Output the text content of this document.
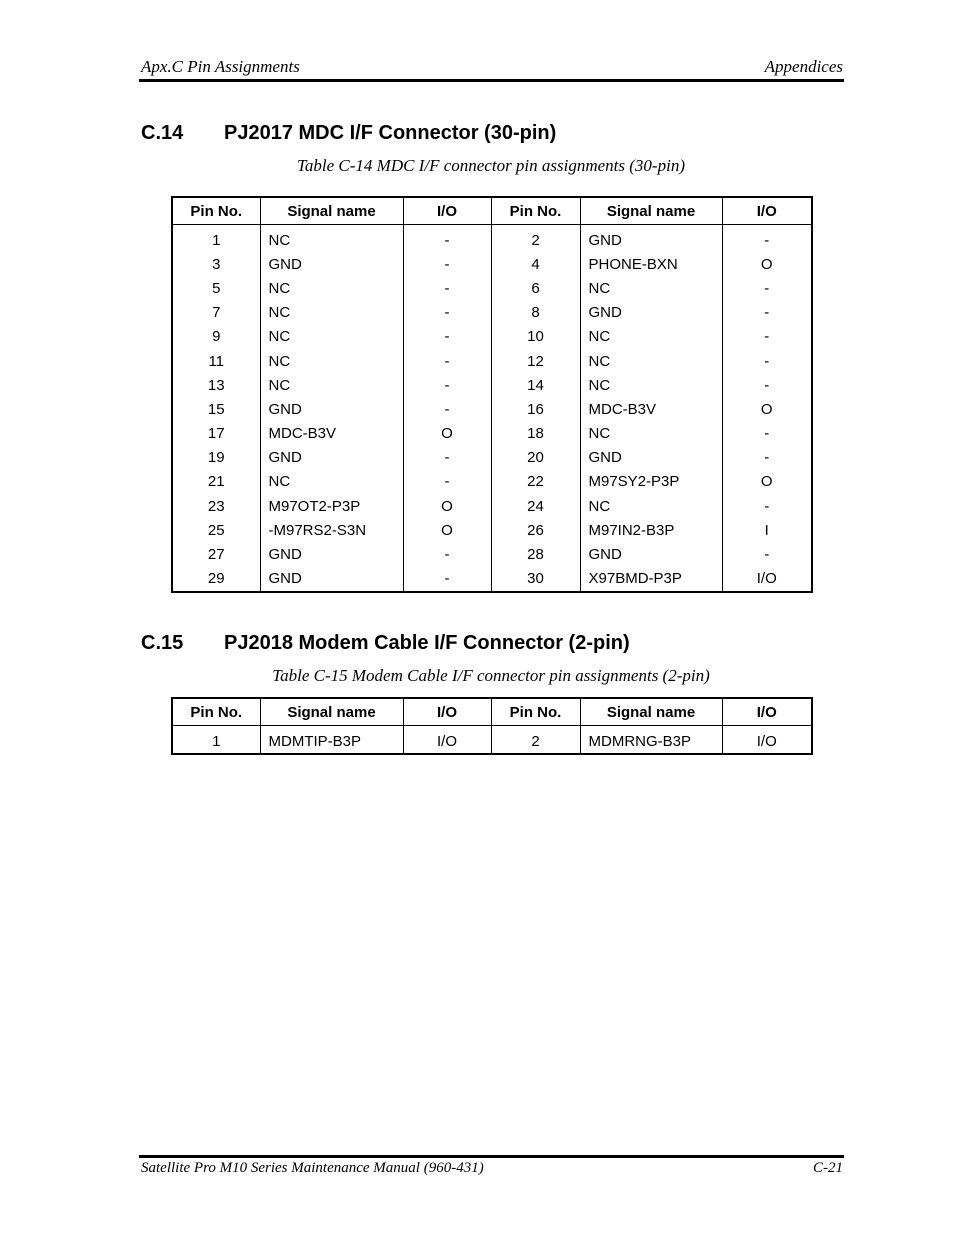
Apx.C Pin Assignments	Appendices
C.14 PJ2017 MDC I/F Connector (30-pin)
Table C-14 MDC I/F connector pin assignments (30-pin)
Pin No.	Signal name	I/O	Pin No.	Signal name	I/O
1	NC	-	2	GND	-
3	GND	-	4	PHONE-BXN	O
5	NC	-	6	NC	-
7	NC	-	8	GND	-
9	NC	-	10	NC	-
11	NC	-	12	NC	-
13	NC	-	14	NC	-
15	GND	-	16	MDC-B3V	O
17	MDC-B3V	O	18	NC	-
19	GND	-	20	GND	-
21	NC	-	22	M97SY2-P3P	O
23	M97OT2-P3P	O	24	NC	-
25	-M97RS2-S3N	O	26	M97IN2-B3P	I
27	GND	-	28	GND	-
29	GND	-	30	X97BMD-P3P	I/O
C.15 PJ2018 Modem Cable I/F Connector (2-pin)
Table C-15 Modem Cable I/F connector pin assignments (2-pin)
Pin No.	Signal name	I/O	Pin No.	Signal name	I/O
1	MDMTIP-B3P	I/O	2	MDMRNG-B3P	I/O
Satellite Pro M10 Series Maintenance Manual (960-431)	C-21
